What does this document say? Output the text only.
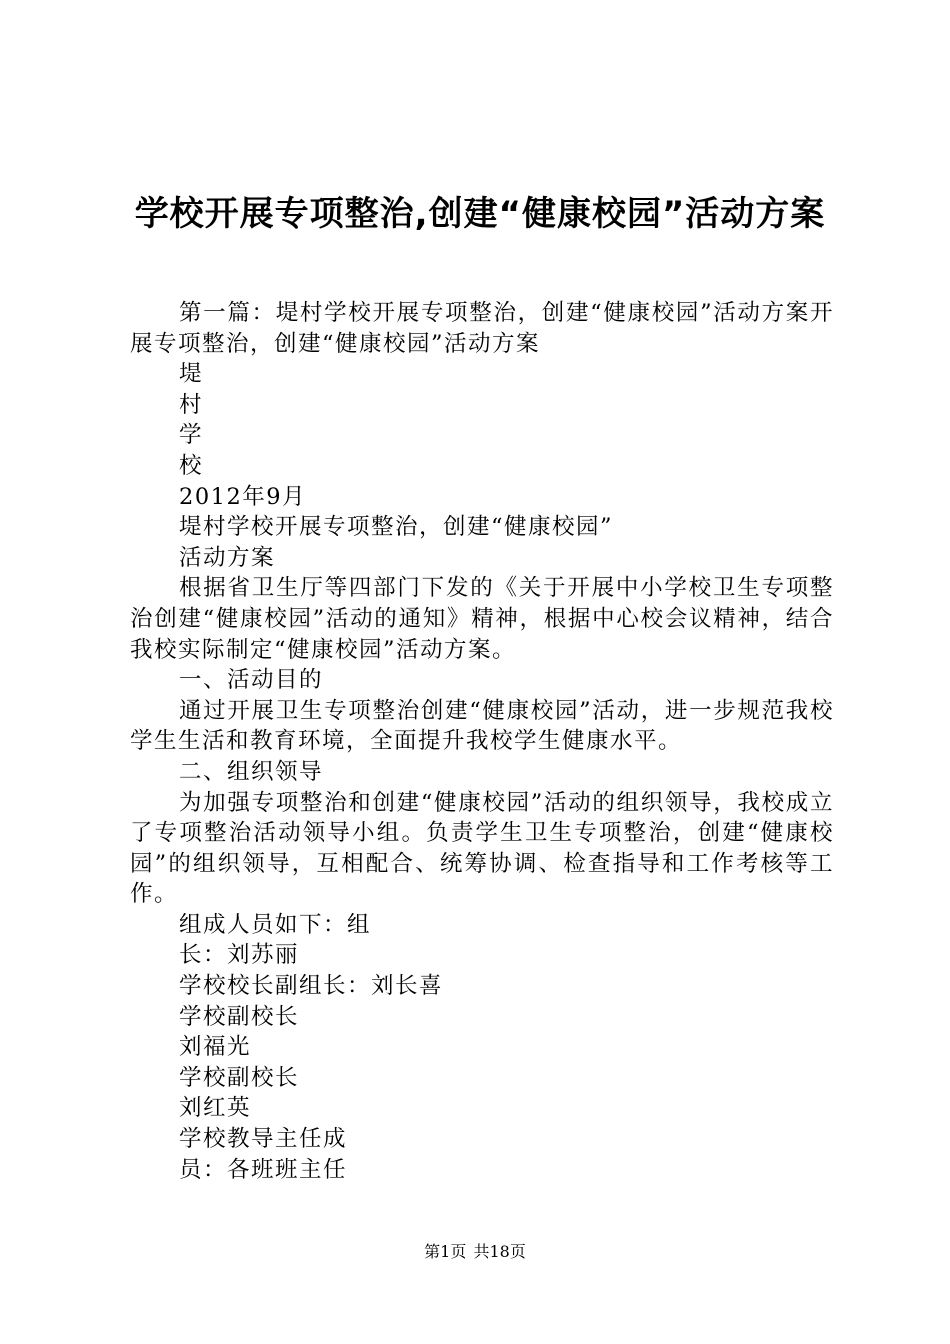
学校开展专项整治,创建“健康校园”活动方案

第一篇：堤村学校开展专项整治，创建“健康校园”活动方案开展专项整治，创建“健康校园”活动方案

堤

村

学

校

2012年9月

堤村学校开展专项整治，创建“健康校园”

活动方案

根据省卫生厅等四部门下发的《关于开展中小学校卫生专项整治创建“健康校园”活动的通知》精神，根据中心校会议精神，结合我校实际制定“健康校园”活动方案。

一、活动目的

通过开展卫生专项整治创建“健康校园”活动，进一步规范我校学生生活和教育环境，全面提升我校学生健康水平。

二、组织领导

为加强专项整治和创建“健康校园”活动的组织领导，我校成立了专项整治活动领导小组。负责学生卫生专项整治，创建“健康校园”的组织领导，互相配合、统筹协调、检查指导和工作考核等工作。

组成人员如下：组

长：刘苏丽

学校校长副组长：刘长喜

学校副校长

刘福光

学校副校长

刘红英

学校教导主任成

员：各班班主任

第1页 共18页
